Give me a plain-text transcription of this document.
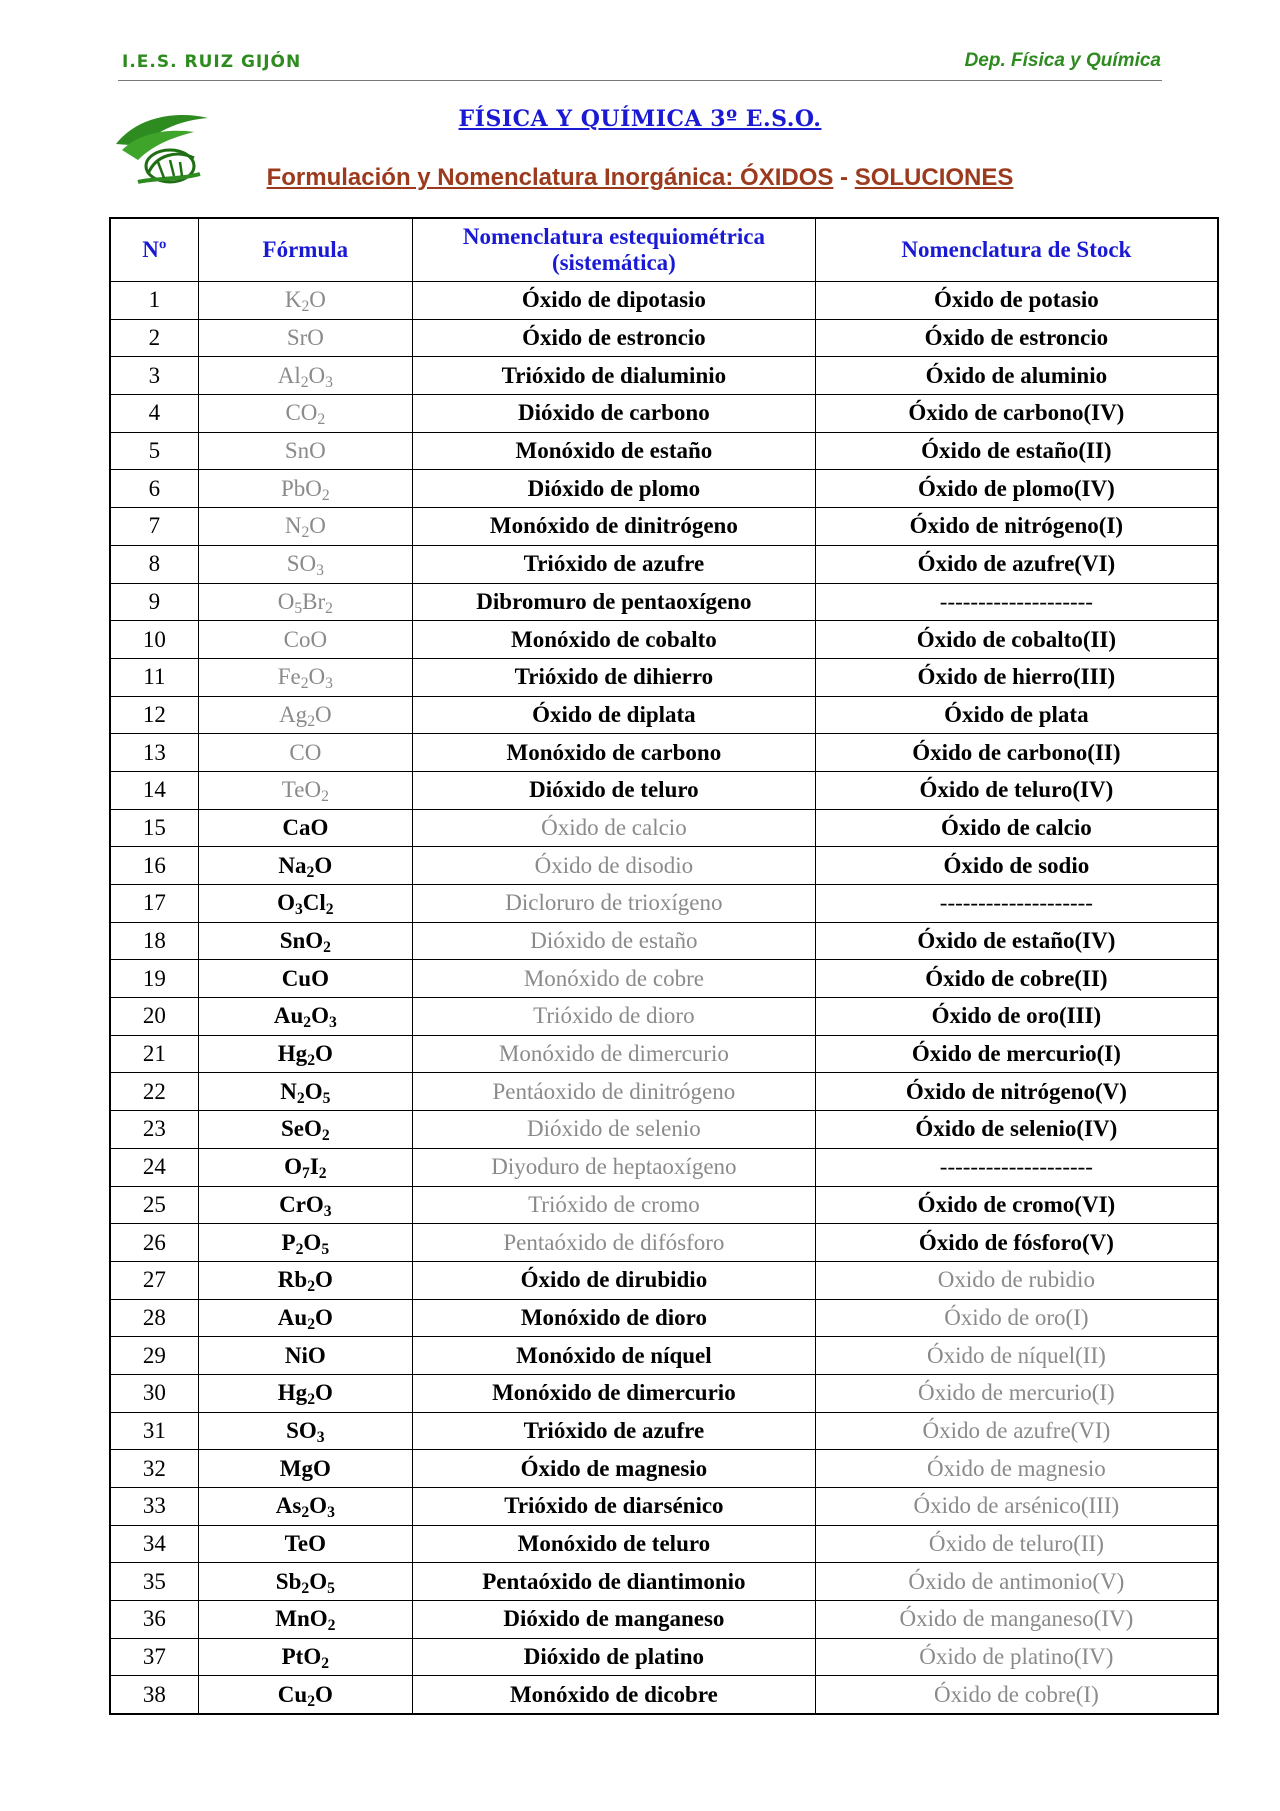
I.E.S. RUIZ GIJÓN	Dep. Física y Química
FÍSICA Y QUÍMICA 3º E.S.O.
Formulación y Nomenclatura Inorgánica: ÓXIDOS - SOLUCIONES
Nº	Fórmula	Nomenclatura estequiométrica (sistemática)	Nomenclatura de Stock
1	$K_2O$	Óxido de dipotasio	Óxido de potasio
2	SrO	Óxido de estroncio	Óxido de estroncio
3	$Al_2O_3$	Trióxido de dialuminio	Óxido de aluminio
4	$CO_2$	Dióxido de carbono	Óxido de carbono(IV)
5	SnO	Monóxido de estaño	Óxido de estaño(II)
6	PbO$_2$	Dióxido de plomo	Óxido de plomo(IV)
7	$N_2O$	Monóxido de dinitrógeno	Óxido de nitrógeno(I)
8	$SO_3$	Trióxido de azufre	Óxido de azufre(VI)
9	$O_5Br_2$	Dibromuro de pentaoxígeno	--------------------
10	CoO	Monóxido de cobalto	Óxido de cobalto(II)
11	$Fe_2O_3$	Trióxido de dihierro	Óxido de hierro(III)
12	$Ag_2O$	Óxido de diplata	Óxido de plata
13	CO	Monóxido de carbono	Óxido de carbono(II)
14	TeO$_2$	Dióxido de teluro	Óxido de teluro(IV)
15	CaO	Óxido de calcio	Óxido de calcio
16	$Na_2O$	Óxido de disodio	Óxido de sodio
17	$O_3Cl_2$	Dicloruro de trioxígeno	--------------------
18	SnO$_2$	Dióxido de estaño	Óxido de estaño(IV)
19	CuO	Monóxido de cobre	Óxido de cobre(II)
20	$Au_2O_3$	Trióxido de dioro	Óxido de oro(III)
21	$Hg_2O$	Monóxido de dimercurio	Óxido de mercurio(I)
22	$N_2O_5$	Pentáoxido de dinitrógeno	Óxido de nitrógeno(V)
23	SeO$_2$	Dióxido de selenio	Óxido de selenio(IV)
24	$O_7I_2$	Diyoduro de heptaoxígeno	--------------------
25	CrO$_3$	Trióxido de cromo	Óxido de cromo(VI)
26	$P_2O_5$	Pentaóxido de difósforo	Óxido de fósforo(V)
27	$Rb_2O$	Óxido de dirubidio	Oxido de rubidio
28	$Au_2O$	Monóxido de dioro	Óxido de oro(I)
29	NiO	Monóxido de níquel	Óxido de níquel(II)
30	$Hg_2O$	Monóxido de dimercurio	Óxido de mercurio(I)
31	$SO_3$	Trióxido de azufre	Óxido de azufre(VI)
32	MgO	Óxido de magnesio	Óxido de magnesio
33	$As_2O_3$	Trióxido de diarsénico	Óxido de arsénico(III)
34	TeO	Monóxido de teluro	Óxido de teluro(II)
35	$Sb_2O_5$	Pentaóxido de diantimonio	Óxido de antimonio(V)
36	MnO$_2$	Dióxido de manganeso	Óxido de manganeso(IV)
37	PtO$_2$	Dióxido de platino	Óxido de platino(IV)
38	$Cu_2O$	Monóxido de dicobre	Óxido de cobre(I)
